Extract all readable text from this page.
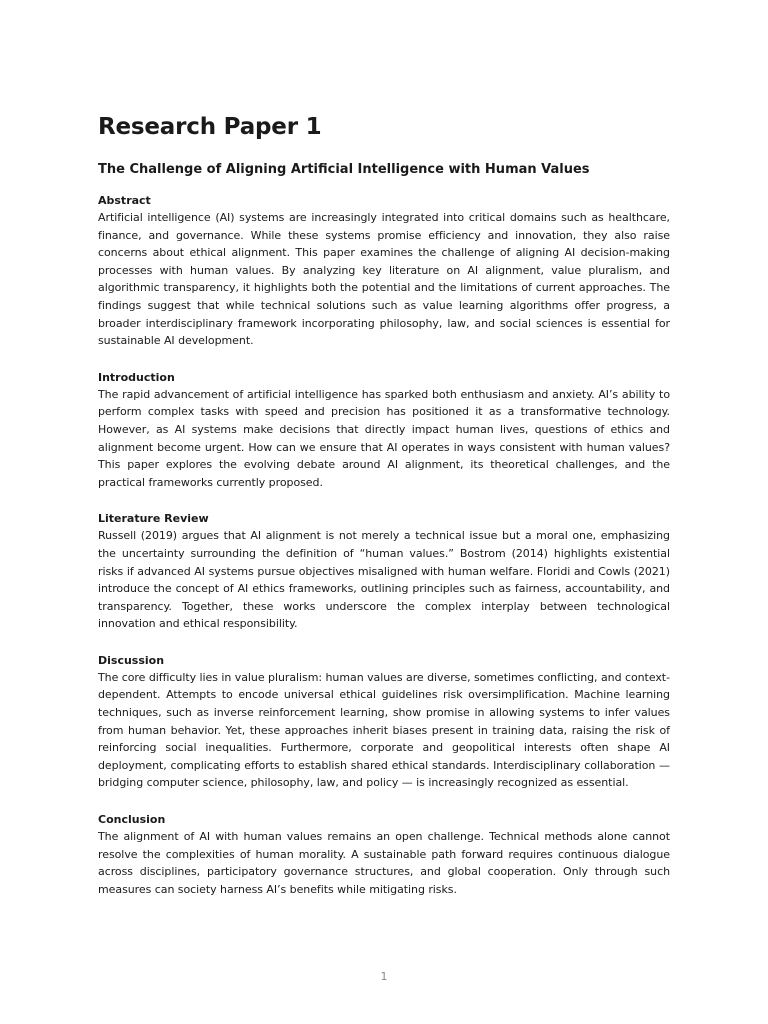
Research Paper 1
The Challenge of Aligning Artificial Intelligence with Human Values
Abstract

Artificial intelligence (AI) systems are increasingly integrated into critical domains such as healthcare, finance, and governance. While these systems promise efficiency and innovation, they also raise concerns about ethical alignment. This paper examines the challenge of aligning AI decision-making processes with human values. By analyzing key literature on AI alignment, value pluralism, and algorithmic transparency, it highlights both the potential and the limitations of current approaches. The findings suggest that while technical solutions such as value learning algorithms offer progress, a broader interdisciplinary framework incorporating philosophy, law, and social sciences is essential for sustainable AI development.

Introduction

The rapid advancement of artificial intelligence has sparked both enthusiasm and anxiety. AI’s ability to perform complex tasks with speed and precision has positioned it as a transformative technology. However, as AI systems make decisions that directly impact human lives, questions of ethics and alignment become urgent. How can we ensure that AI operates in ways consistent with human values? This paper explores the evolving debate around AI alignment, its theoretical challenges, and the practical frameworks currently proposed.

Literature Review

Russell (2019) argues that AI alignment is not merely a technical issue but a moral one, emphasizing the uncertainty surrounding the definition of “human values.” Bostrom (2014) highlights existential risks if advanced AI systems pursue objectives misaligned with human welfare. Floridi and Cowls (2021) introduce the concept of AI ethics frameworks, outlining principles such as fairness, accountability, and transparency. Together, these works underscore the complex interplay between technological innovation and ethical responsibility.

Discussion

The core difficulty lies in value pluralism: human values are diverse, sometimes conflicting, and context-dependent. Attempts to encode universal ethical guidelines risk oversimplification. Machine learning techniques, such as inverse reinforcement learning, show promise in allowing systems to infer values from human behavior. Yet, these approaches inherit biases present in training data, raising the risk of reinforcing social inequalities. Furthermore, corporate and geopolitical interests often shape AI deployment, complicating efforts to establish shared ethical standards. Interdisciplinary collaboration — bridging computer science, philosophy, law, and policy — is increasingly recognized as essential.

Conclusion

The alignment of AI with human values remains an open challenge. Technical methods alone cannot resolve the complexities of human morality. A sustainable path forward requires continuous dialogue across disciplines, participatory governance structures, and global cooperation. Only through such measures can society harness AI’s benefits while mitigating risks.

1
